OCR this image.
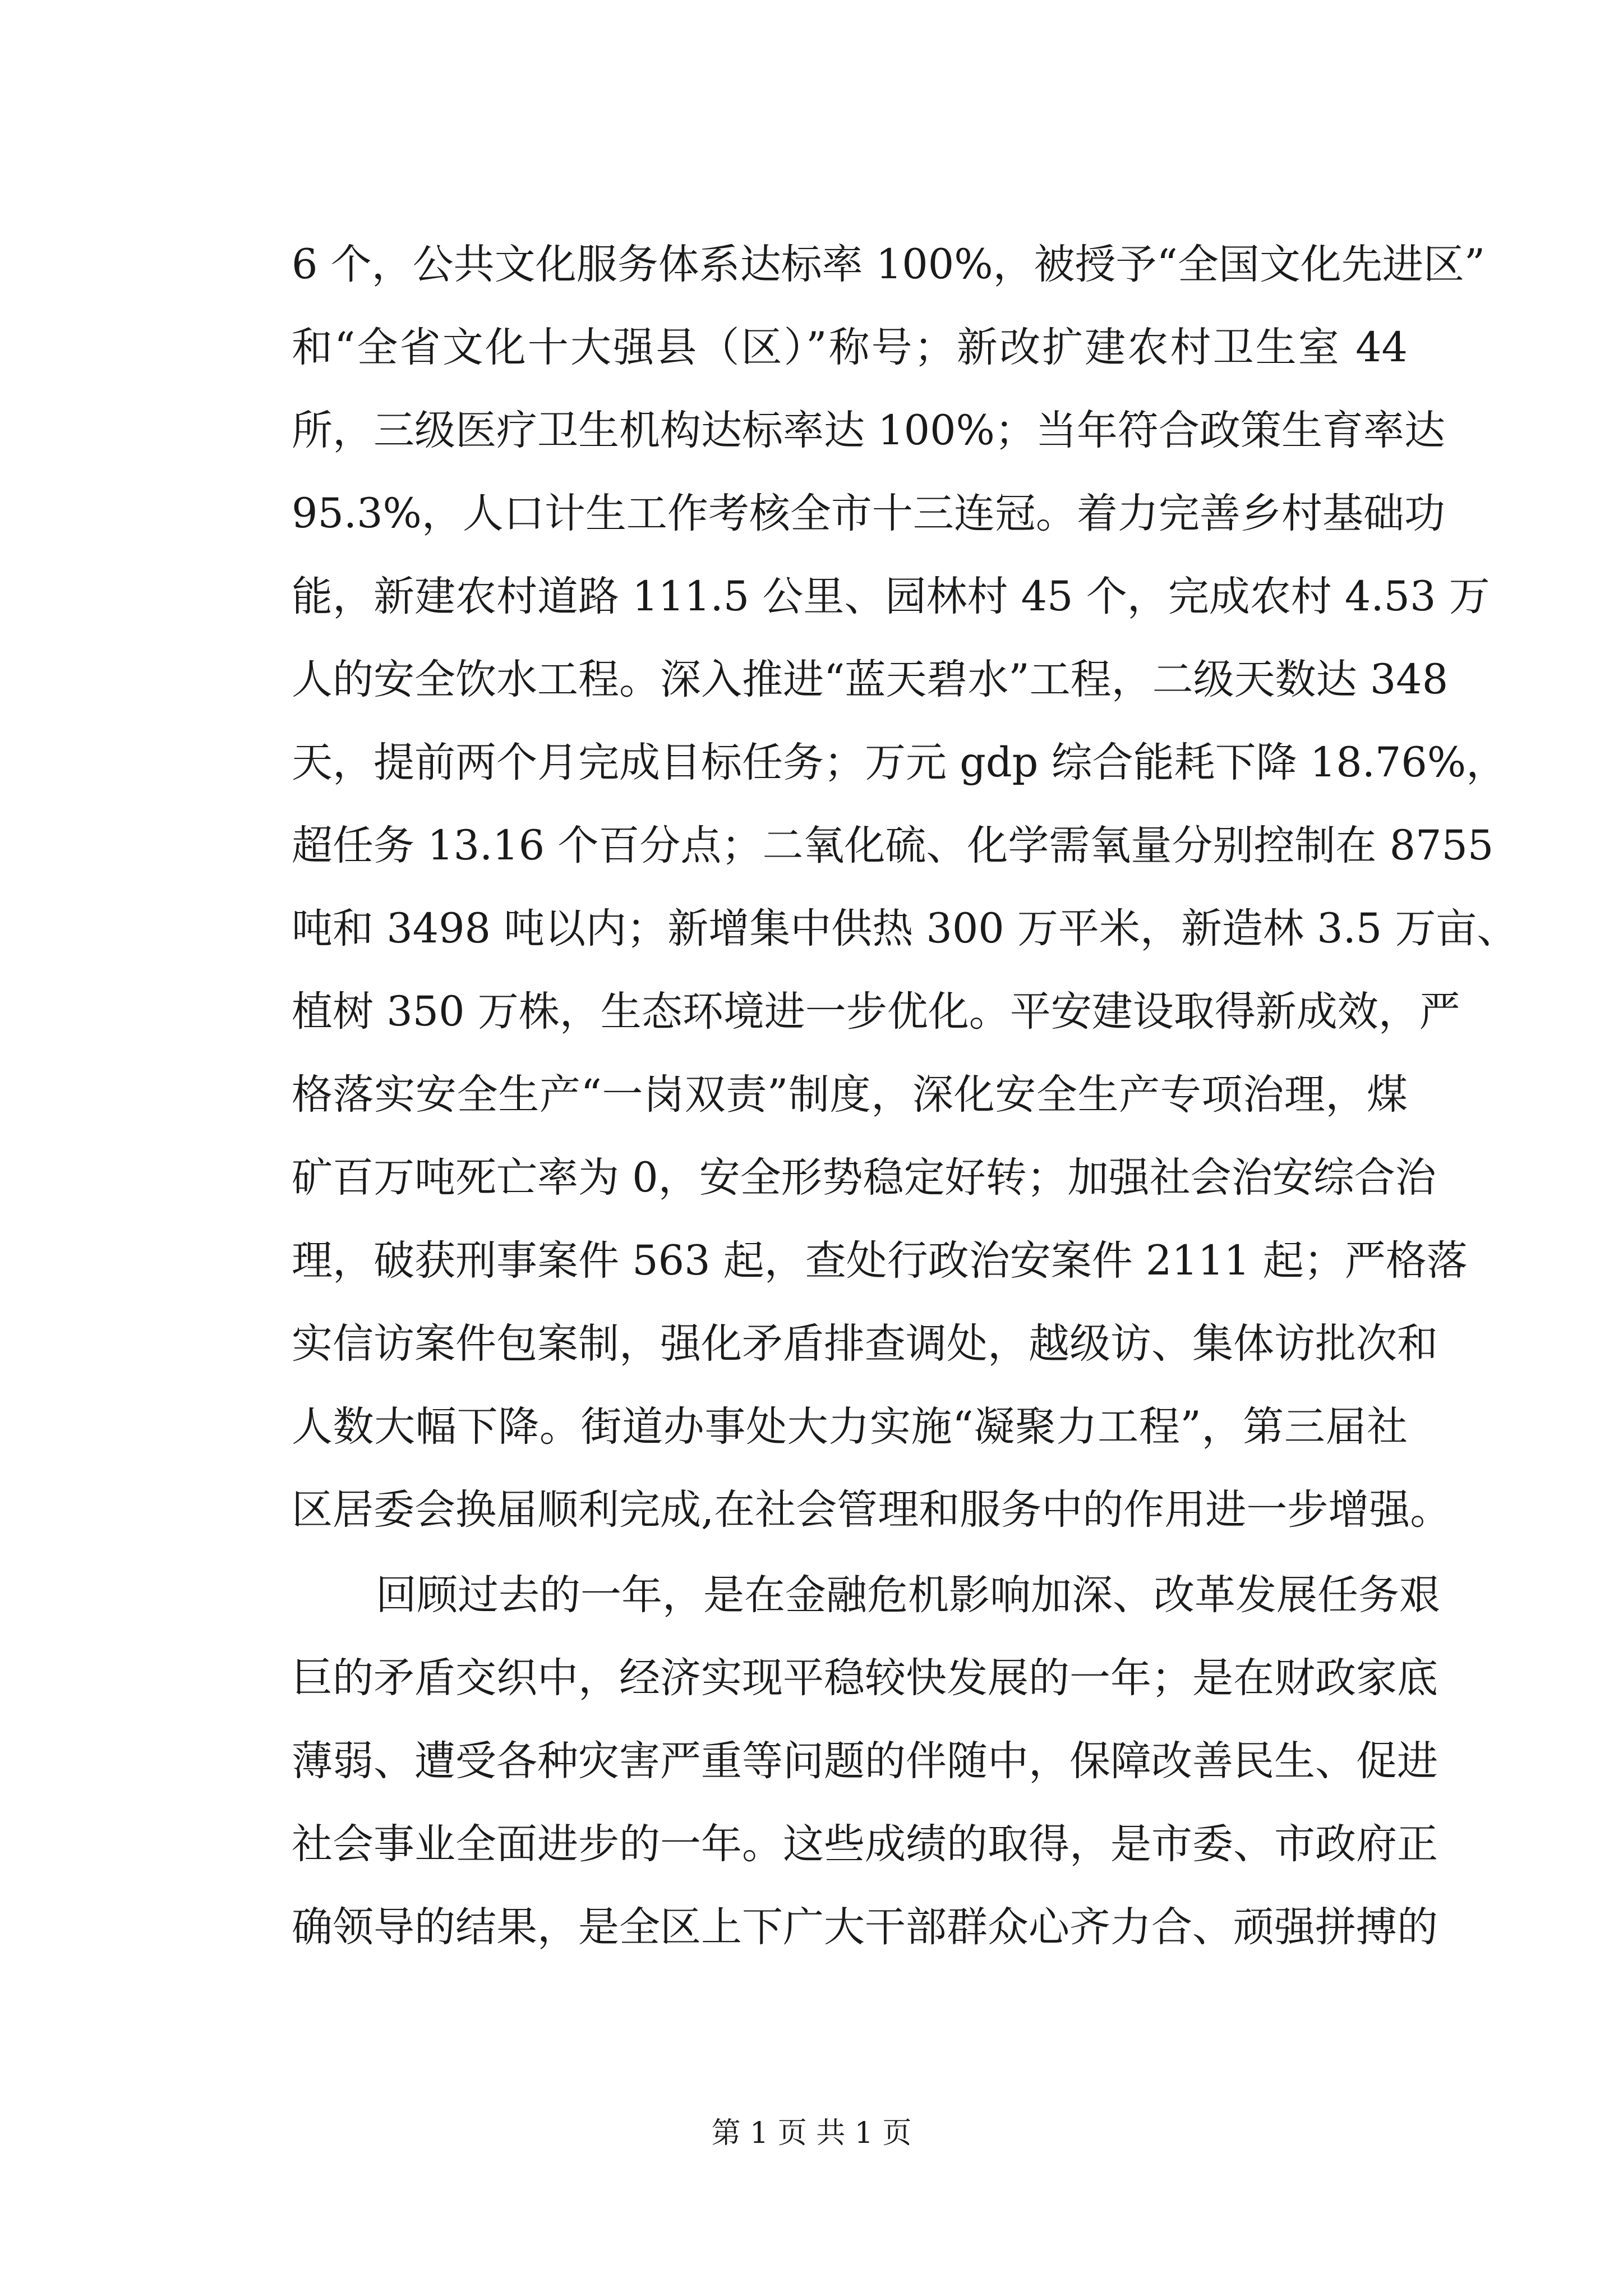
6 个，公共文化服务体系达标率 100%，被授予“全国文化先进区”
和“全省文化十大强县（区）”称号；新改扩建农村卫生室 44
所，三级医疗卫生机构达标率达 100%；当年符合政策生育率达
95.3%，人口计生工作考核全市十三连冠。着力完善乡村基础功
能，新建农村道路 111.5 公里、园林村 45 个，完成农村 4.53 万
人的安全饮水工程。深入推进“蓝天碧水”工程，二级天数达 348
天，提前两个月完成目标任务；万元 gdp 综合能耗下降 18.76%，
超任务 13.16 个百分点；二氧化硫、化学需氧量分别控制在 8755
吨和 3498 吨以内；新增集中供热 300 万平米，新造林 3.5 万亩、
植树 350 万株，生态环境进一步优化。平安建设取得新成效，严
格落实安全生产“一岗双责”制度，深化安全生产专项治理，煤
矿百万吨死亡率为 0，安全形势稳定好转；加强社会治安综合治
理，破获刑事案件 563 起，查处行政治安案件 2111 起；严格落
实信访案件包案制，强化矛盾排查调处，越级访、集体访批次和
人数大幅下降。街道办事处大力实施“凝聚力工程”，第三届社
区居委会换届顺利完成,在社会管理和服务中的作用进一步增强。
回顾过去的一年，是在金融危机影响加深、改革发展任务艰
巨的矛盾交织中，经济实现平稳较快发展的一年；是在财政家底
薄弱、遭受各种灾害严重等问题的伴随中，保障改善民生、促进
社会事业全面进步的一年。这些成绩的取得，是市委、市政府正
确领导的结果，是全区上下广大干部群众心齐力合、顽强拼搏的
第 1 页 共 1 页
